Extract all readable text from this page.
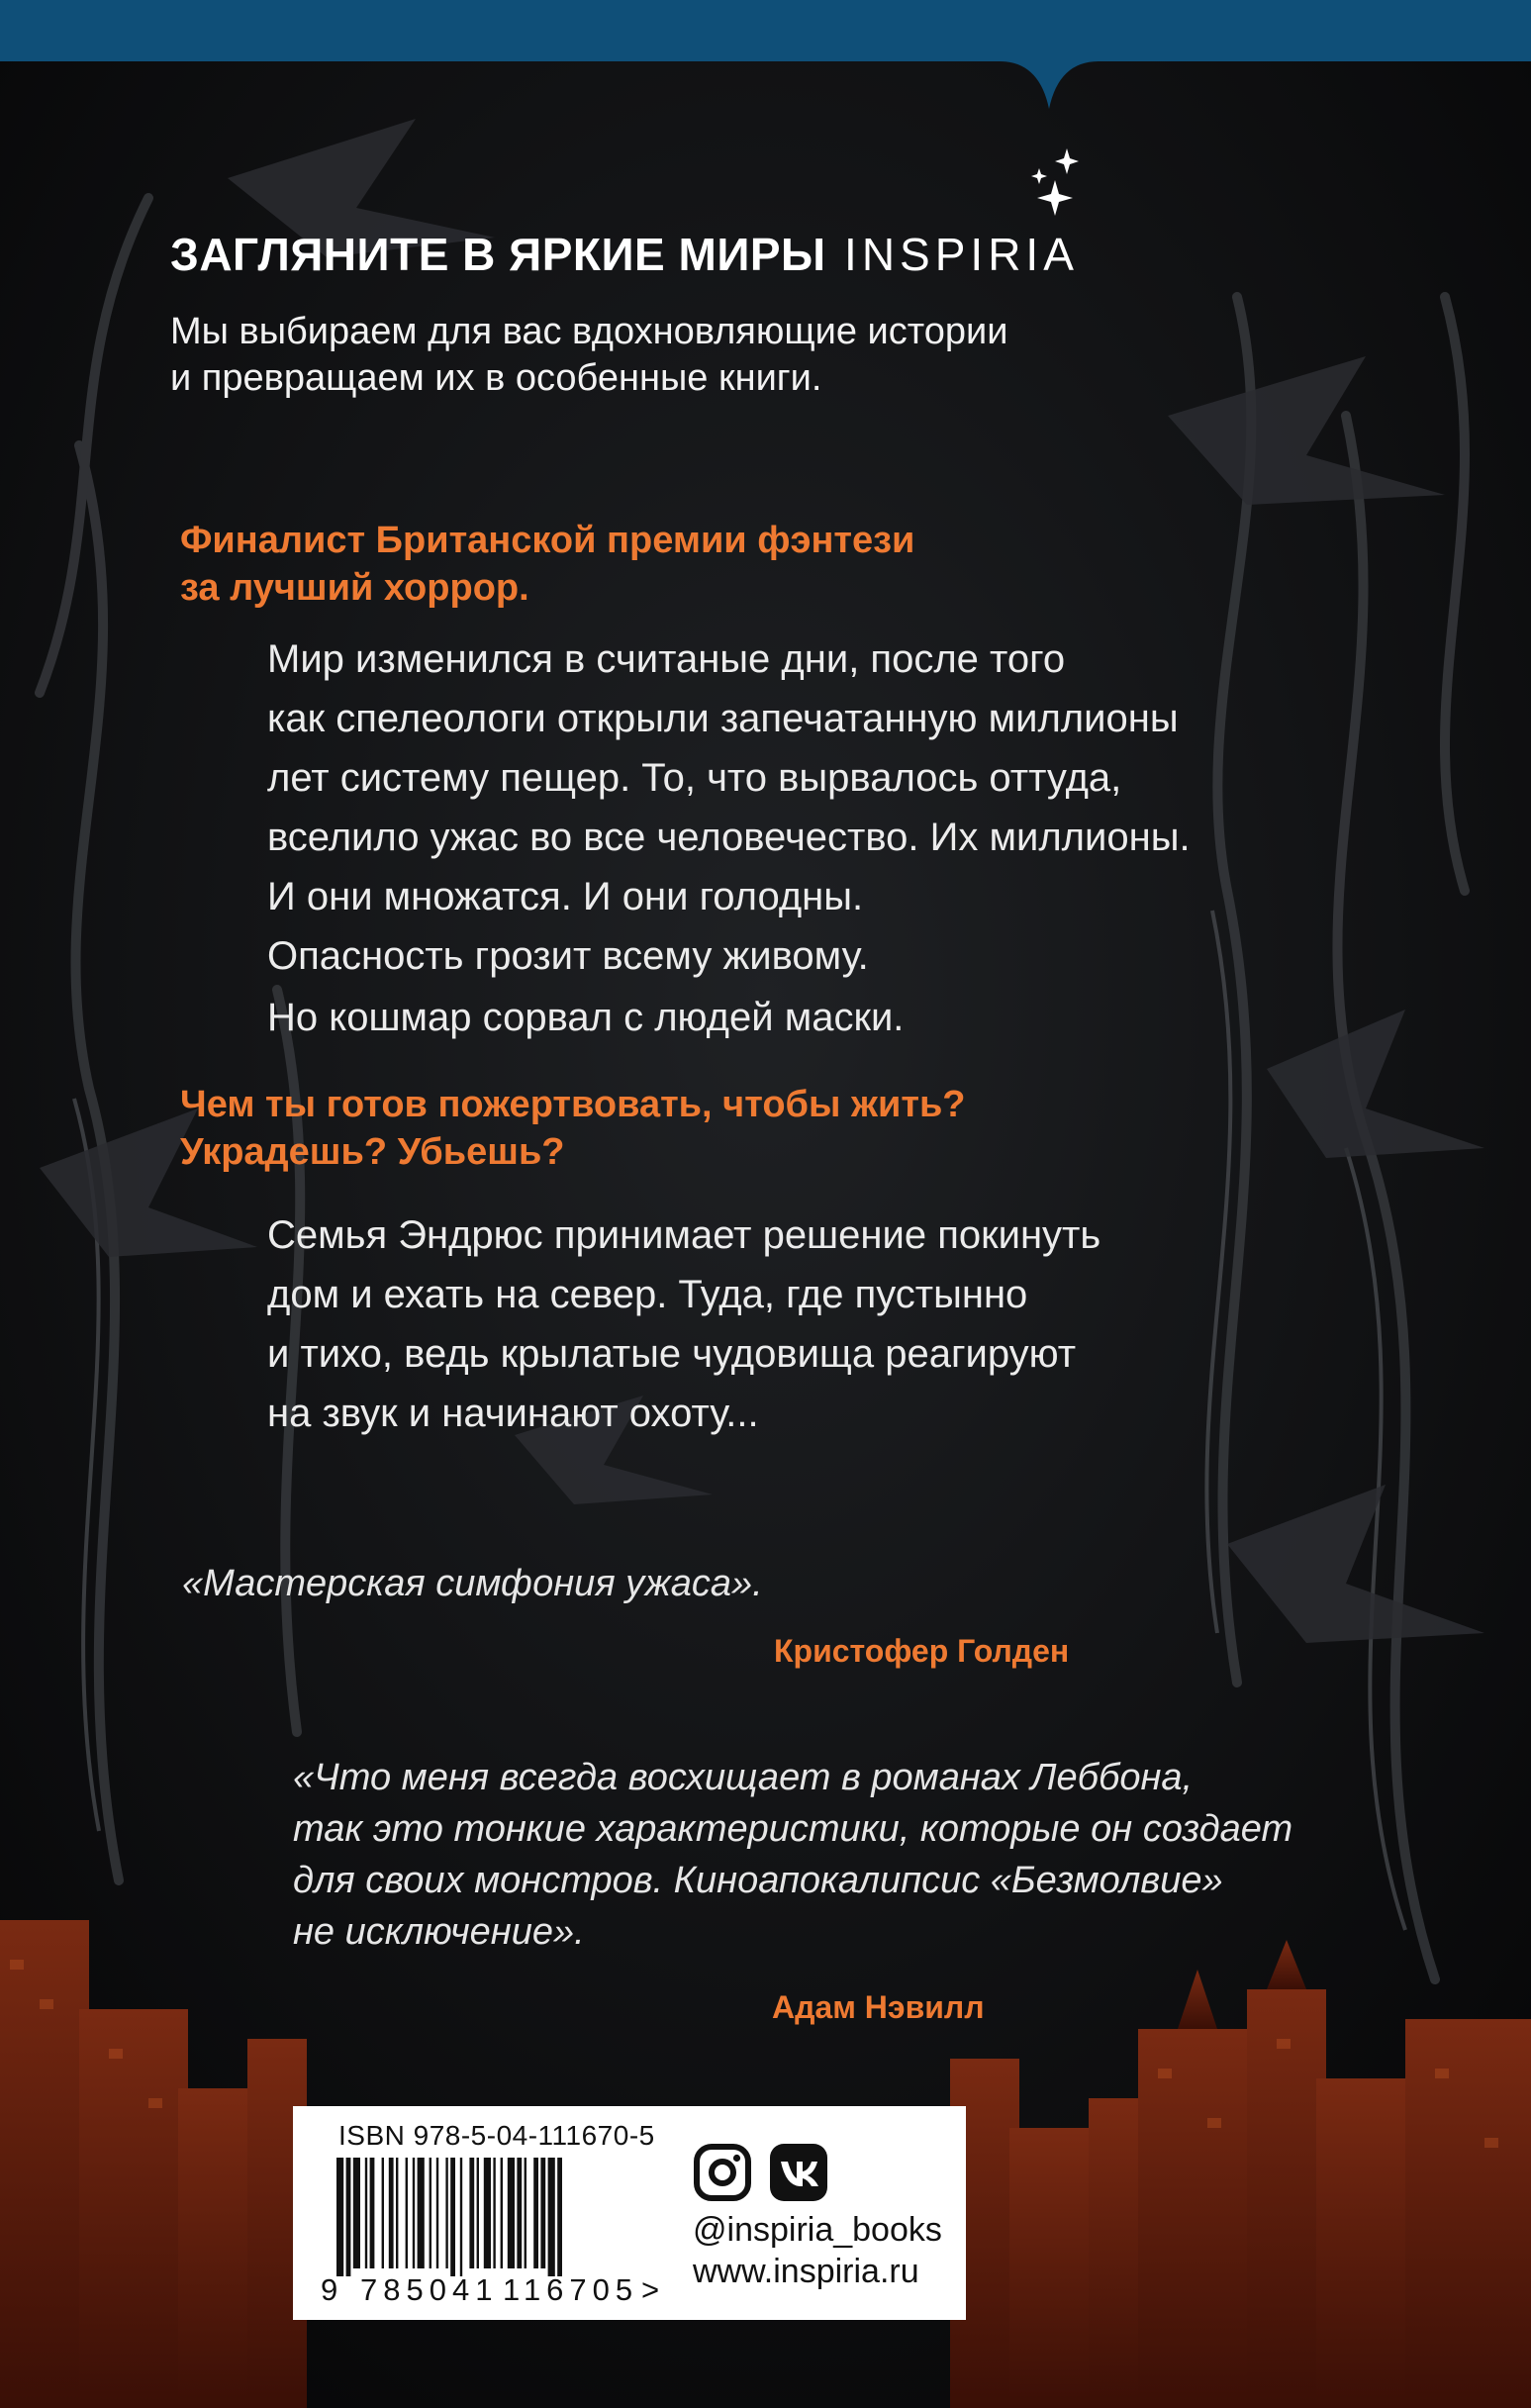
ЗАГЛЯНИТЕ В ЯРКИЕ МИРЫ INSPIRIA
Мы выбираем для вас вдохновляющие истории
и превращаем их в особенные книги.
Финалист Британской премии фэнтези
за лучший хоррор.
Мир изменился в считаные дни, после того
как спелеологи открыли запечатанную миллионы
лет систему пещер. То, что вырвалось оттуда,
вселило ужас во все человечество. Их миллионы.
И они множатся. И они голодны.
Опасность грозит всему живому.
Но кошмар сорвал с людей маски.
Чем ты готов пожертвовать, чтобы жить?
Украдешь? Убьешь?
Семья Эндрюс принимает решение покинуть
дом и ехать на север. Туда, где пустынно
и тихо, ведь крылатые чудовища реагируют
на звук и начинают охоту...
«Мастерская симфония ужаса».
Кристофер Голден
«Что меня всегда восхищает в романах Леббона,
так это тонкие характеристики, которые он создает
для своих монстров. Киноапокалипсис «Безмолвие»
не исключение».
Адам Нэвилл
ISBN 978-5-04-111670-5
9 785041 116705 >
@inspiria_books
www.inspiria.ru
